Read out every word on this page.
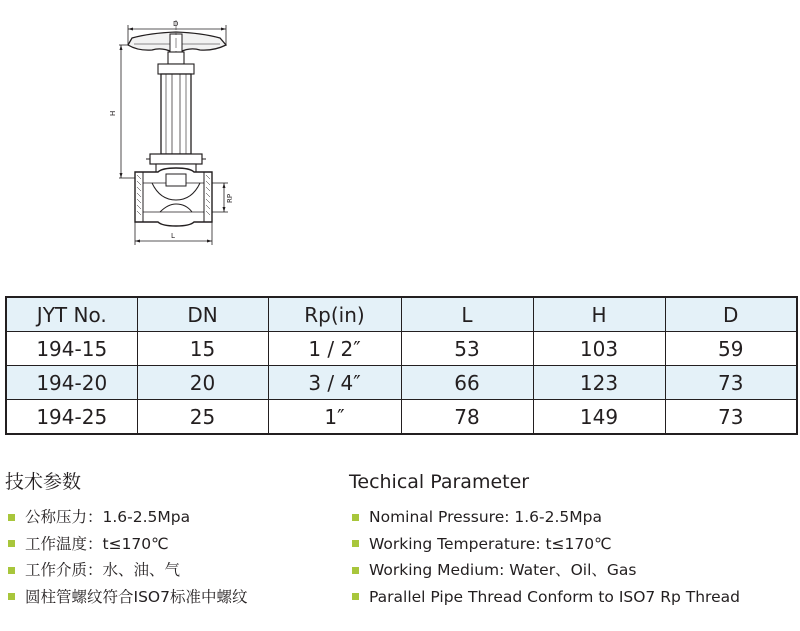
D
H
L
RP
JYT No.	DN	Rp(in)	L	H	D
194-15	15	1 / 2″	53	103	59
194-20	20	3 / 4″	66	123	73
194-25	25	1″	78	149	73
技术参数
公称压力：1.6-2.5Mpa
工作温度：t≤170℃
工作介质：水、油、气
圆柱管螺纹符合ISO7标准中螺纹
Techical Parameter
Nominal Pressure: 1.6-2.5Mpa
Working Temperature: t≤170℃
Working Medium: Water、Oil、Gas
Parallel Pipe Thread Conform to ISO7 Rp Thread
